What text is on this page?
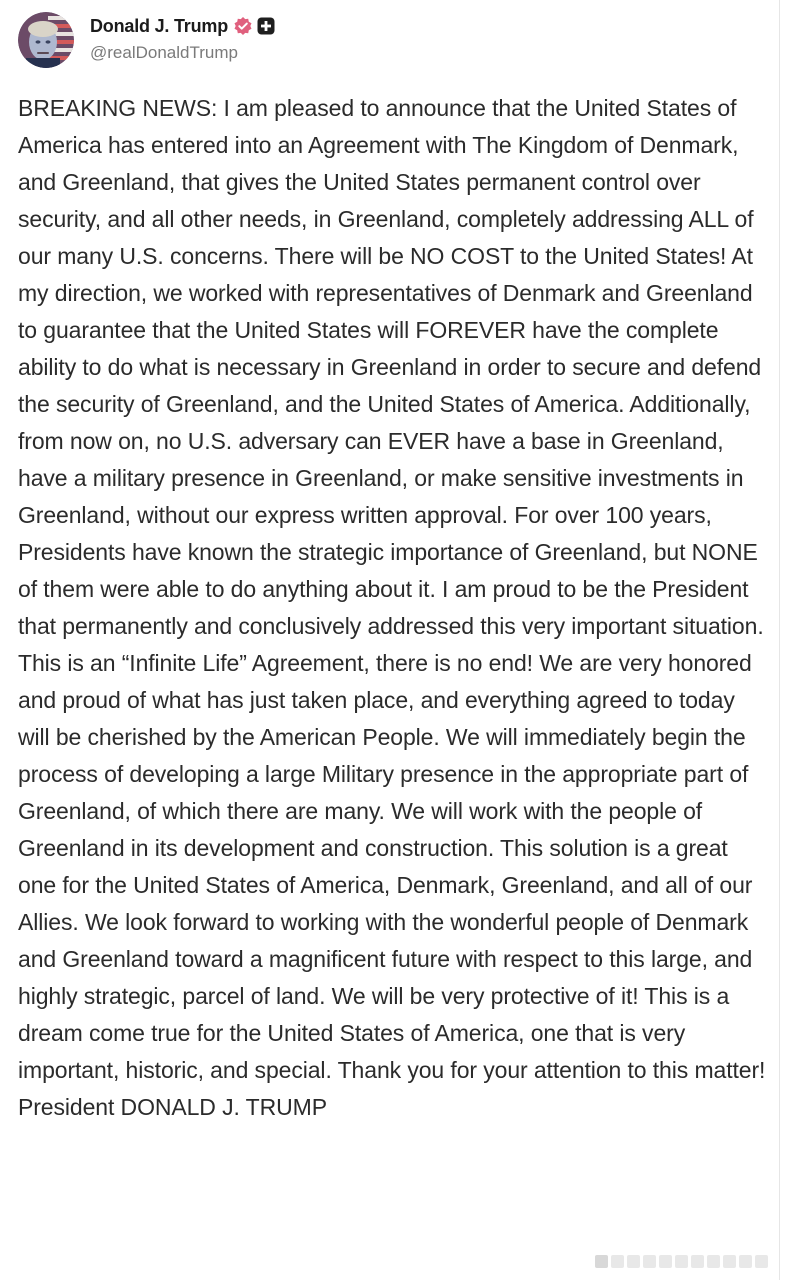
Donald J. Trump
@realDonaldTrump

BREAKING NEWS: I am pleased to announce that the United States of America has entered into an Agreement with The Kingdom of Denmark, and Greenland, that gives the United States permanent control over security, and all other needs, in Greenland, completely addressing ALL of our many U.S. concerns. There will be NO COST to the United States! At my direction, we worked with representatives of Denmark and Greenland to guarantee that the United States will FOREVER have the complete ability to do what is necessary in Greenland in order to secure and defend the security of Greenland, and the United States of America. Additionally, from now on, no U.S. adversary can EVER have a base in Greenland, have a military presence in Greenland, or make sensitive investments in Greenland, without our express written approval. For over 100 years, Presidents have known the strategic importance of Greenland, but NONE of them were able to do anything about it. I am proud to be the President that permanently and conclusively addressed this very important situation. This is an “Infinite Life” Agreement, there is no end! We are very honored and proud of what has just taken place, and everything agreed to today will be cherished by the American People. We will immediately begin the process of developing a large Military presence in the appropriate part of Greenland, of which there are many. We will work with the people of Greenland in its development and construction. This solution is a great one for the United States of America, Denmark, Greenland, and all of our Allies. We look forward to working with the wonderful people of Denmark and Greenland toward a magnificent future with respect to this large, and highly strategic, parcel of land. We will be very protective of it! This is a dream come true for the United States of America, one that is very important, historic, and special. Thank you for your attention to this matter! President DONALD J. TRUMP
